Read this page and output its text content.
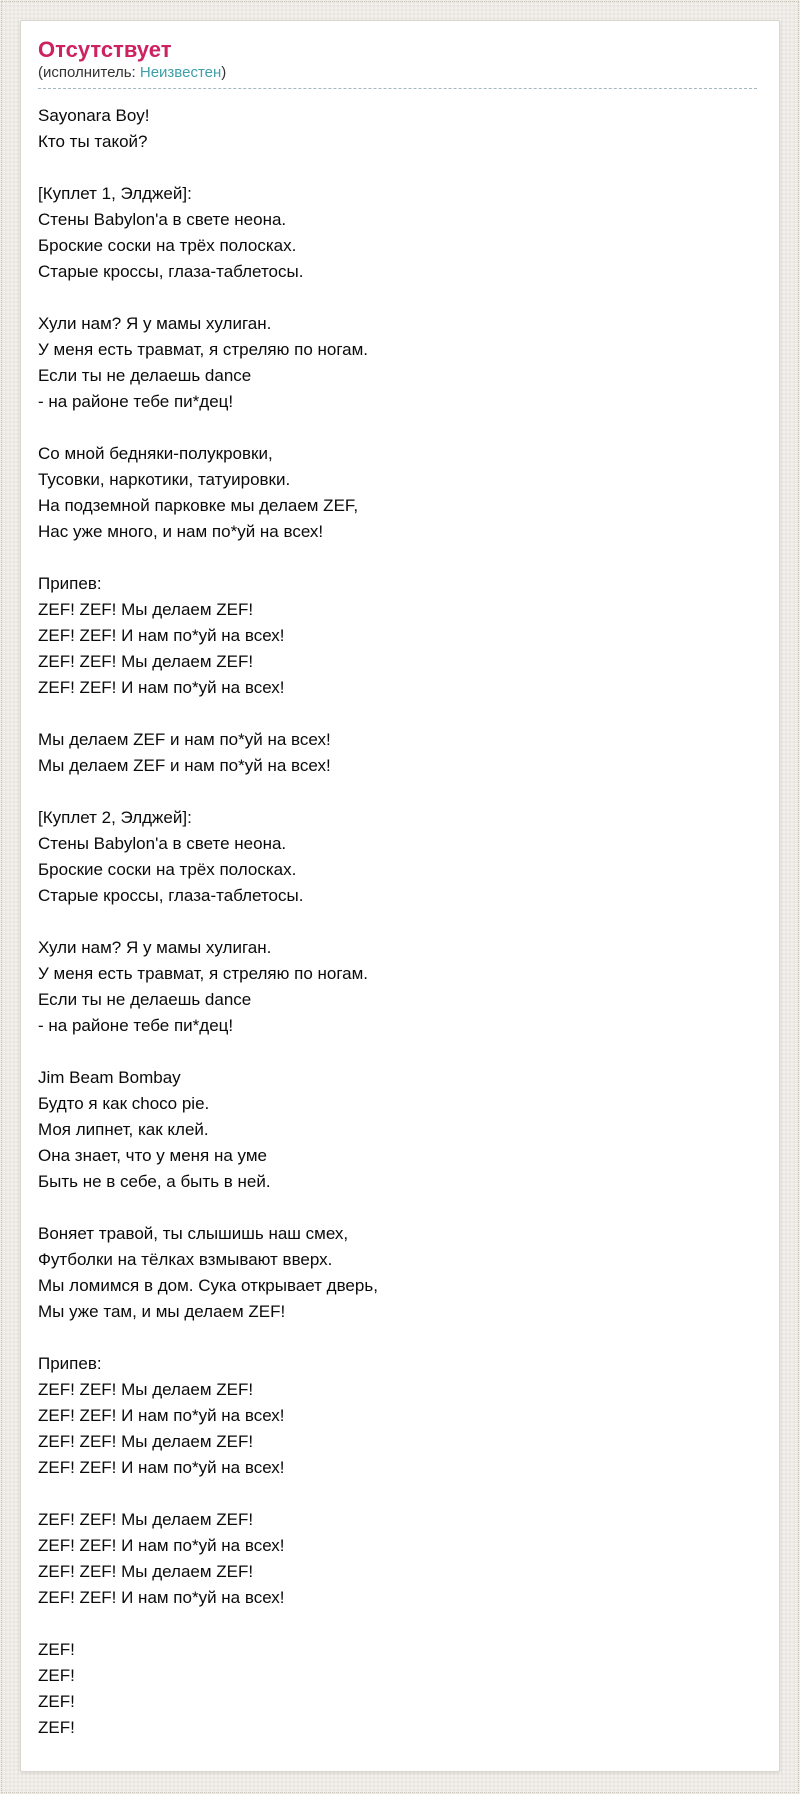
Отсутствует
(исполнитель: Неизвестен)

Sayonara Boy!
Кто ты такой?

[Куплет 1, Элджей]:
Стены Babylon'a в свете неона.
Броские соски на трёх полосках.
Старые кроссы, глаза-таблетосы.

Хули нам? Я у мамы хулиган.
У меня есть травмат, я стреляю по ногам.
Если ты не делаешь dance
- на районе тебе пи*дец!

Со мной бедняки-полукровки,
Тусовки, наркотики, татуировки.
На подземной парковке мы делаем ZEF,
Нас уже много, и нам по*уй на всех!

Припев:
ZEF! ZEF! Мы делаем ZEF!
ZEF! ZEF! И нам по*уй на всех!
ZEF! ZEF! Мы делаем ZEF!
ZEF! ZEF! И нам по*уй на всех!

Мы делаем ZEF и нам по*уй на всех!
Мы делаем ZEF и нам по*уй на всех!

[Куплет 2, Элджей]:
Стены Babylon'a в свете неона.
Броские соски на трёх полосках.
Старые кроссы, глаза-таблетосы.

Хули нам? Я у мамы хулиган.
У меня есть травмат, я стреляю по ногам.
Если ты не делаешь dance
- на районе тебе пи*дец!

Jim Beam Bombay
Будто я как choco pie.
Моя липнет, как клей.
Она знает, что у меня на уме
Быть не в себе, а быть в ней.

Воняет травой, ты слышишь наш смех,
Футболки на тёлках взмывают вверх.
Мы ломимся в дом. Сука открывает дверь,
Мы уже там, и мы делаем ZEF!

Припев:
ZEF! ZEF! Мы делаем ZEF!
ZEF! ZEF! И нам по*уй на всех!
ZEF! ZEF! Мы делаем ZEF!
ZEF! ZEF! И нам по*уй на всех!

ZEF! ZEF! Мы делаем ZEF!
ZEF! ZEF! И нам по*уй на всех!
ZEF! ZEF! Мы делаем ZEF!
ZEF! ZEF! И нам по*уй на всех!

ZEF!
ZEF!
ZEF!
ZEF!
